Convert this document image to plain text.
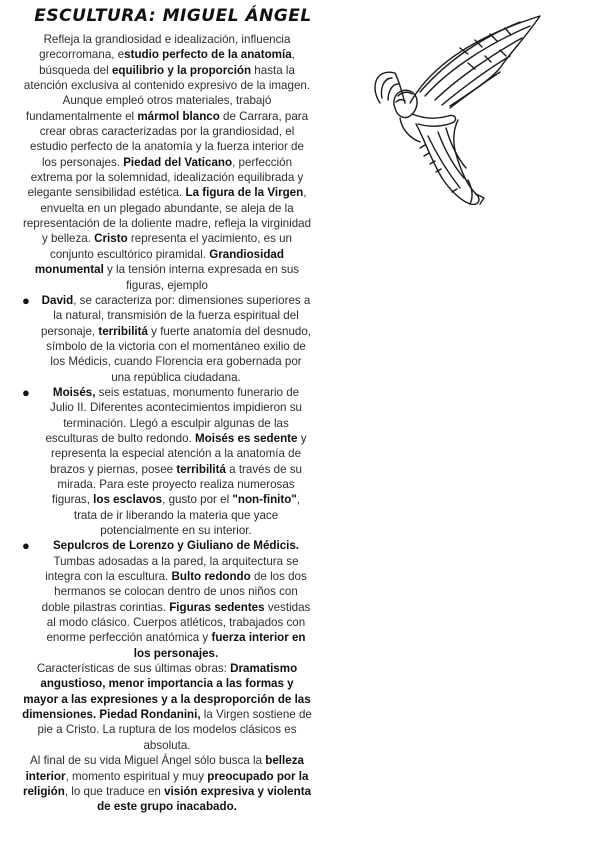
ESCULTURA: MIGUEL ÁNGEL

Refleja la grandiosidad e idealización, influencia grecorromana, estudio perfecto de la anatomía, búsqueda del equilibrio y la proporción hasta la atención exclusiva al contenido expresivo de la imagen. Aunque empleó otros materiales, trabajó fundamentalmente el mármol blanco de Carrara, para crear obras caracterizadas por la grandiosidad, el estudio perfecto de la anatomía y la fuerza interior de los personajes. Piedad del Vaticano, perfección extrema por la solemnidad, idealización equilibrada y elegante sensibilidad estética. La figura de la Virgen, envuelta en un plegado abundante, se aleja de la representación de la doliente madre, refleja la virginidad y belleza. Cristo representa el yacimiento, es un conjunto escultórico piramidal. Grandiosidad monumental y la tensión interna expresada en sus figuras, ejemplo

●	David, se caracteriza por: dimensiones superiores a la natural, transmisión de la fuerza espiritual del personaje, terribilitá y fuerte anatomía del desnudo, símbolo de la victoria con el momentáneo exilio de los Médicis, cuando Florencia era gobernada por una república ciudadana.

●	Moisés, seis estatuas, monumento funerario de Julio II. Diferentes acontecimientos impidieron su terminación. Llegó a esculpir algunas de las esculturas de bulto redondo. Moisés es sedente y representa la especial atención a la anatomía de brazos y piernas, posee terribilitá a través de su mirada. Para este proyecto realiza numerosas figuras, los esclavos, gusto por el "non-finito", trata de ir liberando la materia que yace potencialmente en su interior.

●	Sepulcros de Lorenzo y Giuliano de Médicis. Tumbas adosadas a la pared, la arquitectura se integra con la escultura. Bulto redondo de los dos hermanos se colocan dentro de unos niños con doble pilastras corintias. Figuras sedentes vestidas al modo clásico. Cuerpos atléticos, trabajados con enorme perfección anatómica y fuerza interior en los personajes.

Características de sus últimas obras: Dramatismo angustioso, menor importancia a las formas y mayor a las expresiones y a la desproporción de las dimensiones. Piedad Rondanini, la Virgen sostiene de pie a Cristo. La ruptura de los modelos clásicos es absoluta.

Al final de su vida Miguel Ángel sólo busca la belleza interior, momento espiritual y muy preocupado por la religión, lo que traduce en visión expresiva y violenta de este grupo inacabado.
